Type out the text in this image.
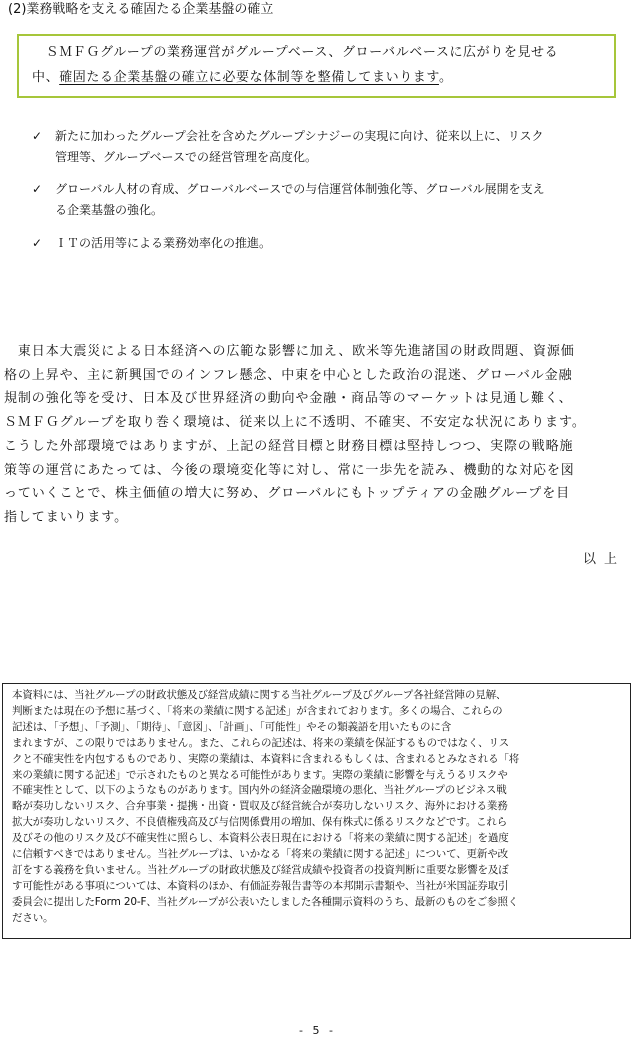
(2)業務戦略を支える確固たる企業基盤の確立
　ＳＭＦＧグループの業務運営がグループベース、グローバルベースに広がりを見せる
中、確固たる企業基盤の確立に必要な体制等を整備してまいります。
✓ 新たに加わったグループ会社を含めたグループシナジーの実現に向け、従来以上に、リスク
管理等、グループベースでの経営管理を高度化。
✓ グローバル人材の育成、グローバルベースでの与信運営体制強化等、グローバル展開を支え
る企業基盤の強化。
✓ ＩＴの活用等による業務効率化の推進。
　東日本大震災による日本経済への広範な影響に加え、欧米等先進諸国の財政問題、資源価
格の上昇や、主に新興国でのインフレ懸念、中東を中心とした政治の混迷、グローバル金融
規制の強化等を受け、日本及び世界経済の動向や金融・商品等のマーケットは見通し難く、
ＳＭＦＧグループを取り巻く環境は、従来以上に不透明、不確実、不安定な状況にあります。
こうした外部環境ではありますが、上記の経営目標と財務目標は堅持しつつ、実際の戦略施
策等の運営にあたっては、今後の環境変化等に対し、常に一歩先を読み、機動的な対応を図
っていくことで、株主価値の増大に努め、グローバルにもトップティアの金融グループを目
指してまいります。
以上
本資料には、当社グループの財政状態及び経営成績に関する当社グループ及びグループ各社経営陣の見解、
判断または現在の予想に基づく、「将来の業績に関する記述」が含まれております。多くの場合、これらの
記述は、「予想」、「予測」、「期待」、「意図」、「計画」、「可能性」やその類義語を用いたものに含
まれますが、この限りではありません。また、これらの記述は、将来の業績を保証するものではなく、リス
クと不確実性を内包するものであり、実際の業績は、本資料に含まれるもしくは、含まれるとみなされる「将
来の業績に関する記述」で示されたものと異なる可能性があります。実際の業績に影響を与えうるリスクや
不確実性として、以下のようなものがあります。国内外の経済金融環境の悪化、当社グループのビジネス戦
略が奏功しないリスク、合弁事業・提携・出資・買収及び経営統合が奏功しないリスク、海外における業務
拡大が奏功しないリスク、不良債権残高及び与信関係費用の増加、保有株式に係るリスクなどです。これら
及びその他のリスク及び不確実性に照らし、本資料公表日現在における「将来の業績に関する記述」を過度
に信頼すべきではありません。当社グループは、いかなる「将来の業績に関する記述」について、更新や改
訂をする義務を負いません。当社グループの財政状態及び経営成績や投資者の投資判断に重要な影響を及ぼ
す可能性がある事項については、本資料のほか、有価証券報告書等の本邦開示書類や、当社が米国証券取引
委員会に提出したForm 20-F、当社グループが公表いたしました各種開示資料のうち、最新のものをご参照く
ださい。
- 5 -
